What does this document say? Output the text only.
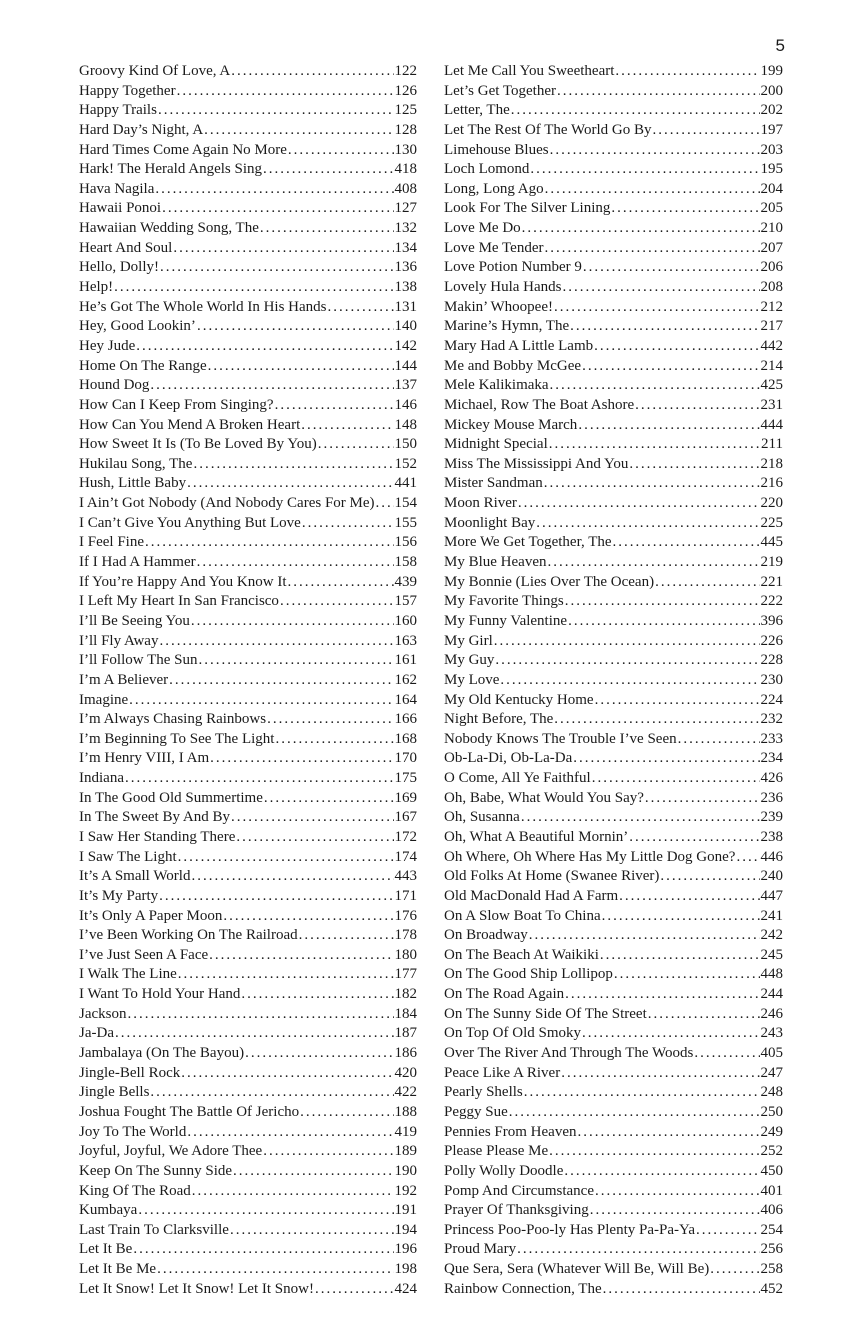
5
Groovy Kind Of Love, A .....	122
Happy Together .....	126
Happy Trails .....	125
Hard Day’s Night, A .....	128
Hard Times Come Again No More .....	130
Hark! The Herald Angels Sing .....	418
Hava Nagila .....	408
Hawaii Ponoi .....	127
Hawaiian Wedding Song, The .....	132
Heart And Soul .....	134
Hello, Dolly! .....	136
Help! .....	138
He’s Got The Whole World In His Hands .....	131
Hey, Good Lookin’ .....	140
Hey Jude .....	142
Home On The Range .....	144
Hound Dog .....	137
How Can I Keep From Singing? .....	146
How Can You Mend A Broken Heart .....	148
How Sweet It Is (To Be Loved By You) .....	150
Hukilau Song, The .....	152
Hush, Little Baby .....	441
I Ain’t Got Nobody (And Nobody Cares For Me) ..... 154
I Can’t Give You Anything But Love .....	155
I Feel Fine .....	156
If I Had A Hammer .....	158
If You’re Happy And You Know It .....	439
I Left My Heart In San Francisco .....	157
I’ll Be Seeing You .....	160
I’ll Fly Away .....	163
I’ll Follow The Sun .....	161
I’m A Believer .....	162
Imagine .....	164
I’m Always Chasing Rainbows .....	166
I’m Beginning To See The Light .....	168
I’m Henry VIII, I Am .....	170
Indiana .....	175
In The Good Old Summertime .....	169
In The Sweet By And By .....	167
I Saw Her Standing There .....	172
I Saw The Light .....	174
It’s A Small World .....	443
It’s My Party .....	171
It’s Only A Paper Moon .....	176
I’ve Been Working On The Railroad .....	178
I’ve Just Seen A Face .....	180
I Walk The Line .....	177
I Want To Hold Your Hand .....	182
Jackson .....	184
Ja-Da .....	187
Jambalaya (On The Bayou) .....	186
Jingle-Bell Rock .....	420
Jingle Bells .....	422
Joshua Fought The Battle Of Jericho .....	188
Joy To The World .....	419
Joyful, Joyful, We Adore Thee .....	189
Keep On The Sunny Side .....	190
King Of The Road .....	192
Kumbaya .....	191
Last Train To Clarksville .....	194
Let It Be .....	196
Let It Be Me .....	198
Let It Snow! Let It Snow! Let It Snow! .....	424
Let Me Call You Sweetheart .....	199
Let’s Get Together .....	200
Letter, The .....	202
Let The Rest Of The World Go By .....	197
Limehouse Blues .....	203
Loch Lomond .....	195
Long, Long Ago .....	204
Look For The Silver Lining .....	205
Love Me Do .....	210
Love Me Tender .....	207
Love Potion Number 9 .....	206
Lovely Hula Hands .....	208
Makin’ Whoopee! .....	212
Marine’s Hymn, The .....	217
Mary Had A Little Lamb .....	442
Me and Bobby McGee .....	214
Mele Kalikimaka .....	425
Michael, Row The Boat Ashore .....	231
Mickey Mouse March .....	444
Midnight Special .....	211
Miss The Mississippi And You .....	218
Mister Sandman .....	216
Moon River .....	220
Moonlight Bay .....	225
More We Get Together, The .....	445
My Blue Heaven .....	219
My Bonnie (Lies Over The Ocean) .....	221
My Favorite Things .....	222
My Funny Valentine .....	396
My Girl .....	226
My Guy .....	228
My Love .....	230
My Old Kentucky Home .....	224
Night Before, The .....	232
Nobody Knows The Trouble I’ve Seen .....	233
Ob-La-Di, Ob-La-Da .....	234
O Come, All Ye Faithful .....	426
Oh, Babe, What Would You Say? .....	236
Oh, Susanna .....	239
Oh, What A Beautiful Mornin’ .....	238
Oh Where, Oh Where Has My Little Dog Gone? ..... 446
Old Folks At Home (Swanee River) .....	240
Old MacDonald Had A Farm .....	447
On A Slow Boat To China .....	241
On Broadway .....	242
On The Beach At Waikiki .....	245
On The Good Ship Lollipop .....	448
On The Road Again .....	244
On The Sunny Side Of The Street .....	246
On Top Of Old Smoky .....	243
Over The River And Through The Woods .....	405
Peace Like A River .....	247
Pearly Shells .....	248
Peggy Sue .....	250
Pennies From Heaven .....	249
Please Please Me .....	252
Polly Wolly Doodle .....	450
Pomp And Circumstance .....	401
Prayer Of Thanksgiving .....	406
Princess Poo-Poo-ly Has Plenty Pa-Pa-Ya .....	254
Proud Mary .....	256
Que Sera, Sera (Whatever Will Be, Will Be) .....	258
Rainbow Connection, The .....	452
